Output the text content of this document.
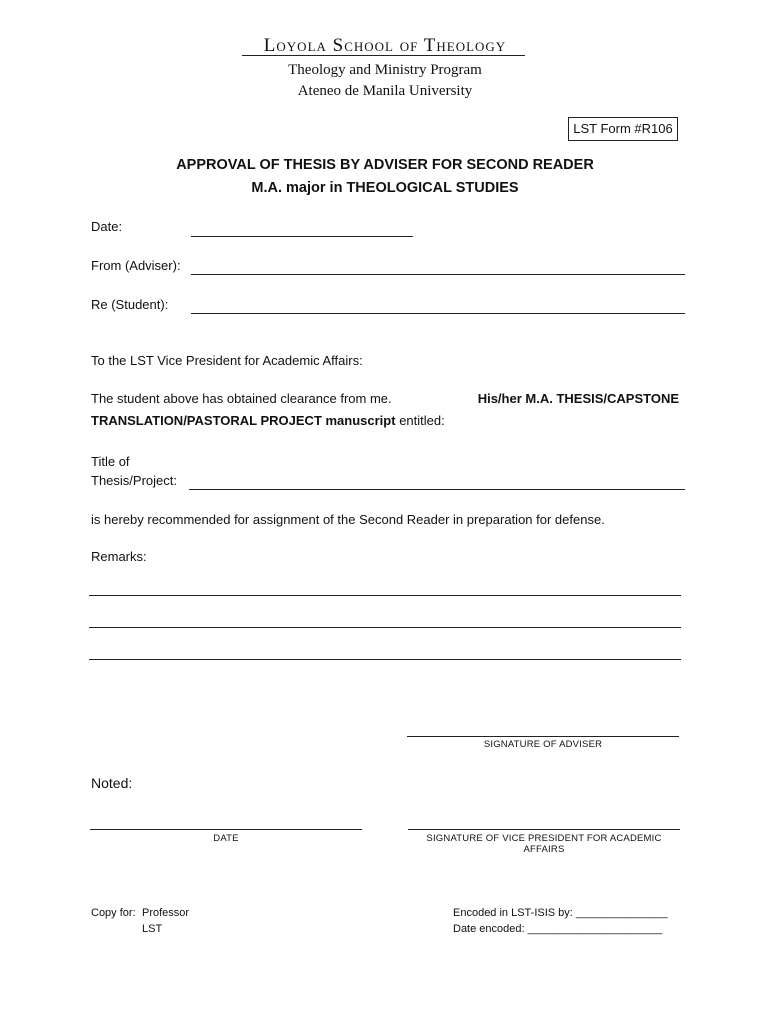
Loyola School of Theology
Theology and Ministry Program
Ateneo de Manila University
LST Form #R106
APPROVAL OF THESIS BY ADVISER FOR SECOND READER
M.A. major in THEOLOGICAL STUDIES
Date:
From (Adviser):
Re (Student):
To the LST Vice President for Academic Affairs:
The student above has obtained clearance from me.	His/her M.A. THESIS/CAPSTONE
TRANSLATION/PASTORAL PROJECT manuscript entitled:
Title of
Thesis/Project:
is hereby recommended for assignment of the Second Reader in preparation for defense.
Remarks:
SIGNATURE OF ADVISER
Noted:
DATE	SIGNATURE OF VICE PRESIDENT FOR ACADEMIC AFFAIRS
Copy for: Professor
LST
Encoded in LST-ISIS by: _______________
Date encoded: ______________________
